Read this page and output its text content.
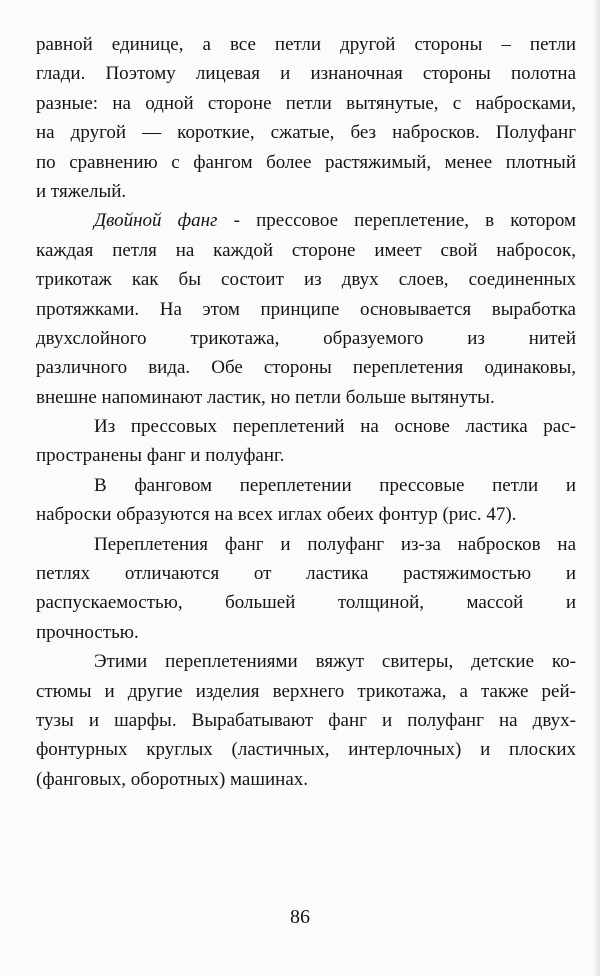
равной единице, а все петли другой стороны – петли
глади. Поэтому лицевая и изнаночная стороны полотна
разные: на одной стороне петли вытянутые, с набросками,
на другой — короткие, сжатые, без набросков. Полуфанг
по сравнению с фангом более растяжимый, менее плотный
и тяжелый.
Двойной фанг - прессовое переплетение, в котором
каждая петля на каждой стороне имеет свой набросок,
трикотаж как бы состоит из двух слоев, соединенных
протяжками. На этом принципе основывается выработка
двухслойного трикотажа, образуемого из нитей
различного вида. Обе стороны переплетения одинаковы,
внешне напоминают ластик, но петли больше вытянуты.
Из прессовых переплетений на основе ластика рас-
пространены фанг и полуфанг.
В фанговом переплетении прессовые петли и
наброски образуются на всех иглах обеих фонтур (рис. 47).
Переплетения фанг и полуфанг из-за набросков на
петлях отличаются от ластика растяжимостью и
распускаемостью, большей толщиной, массой и
прочностью.
Этими переплетениями вяжут свитеры, детские ко-
стюмы и другие изделия верхнего трикотажа, а также рей-
тузы и шарфы. Вырабатывают фанг и полуфанг на двух-
фонтурных круглых (ластичных, интерлочных) и плоских
(фанговых, оборотных) машинах.
86
